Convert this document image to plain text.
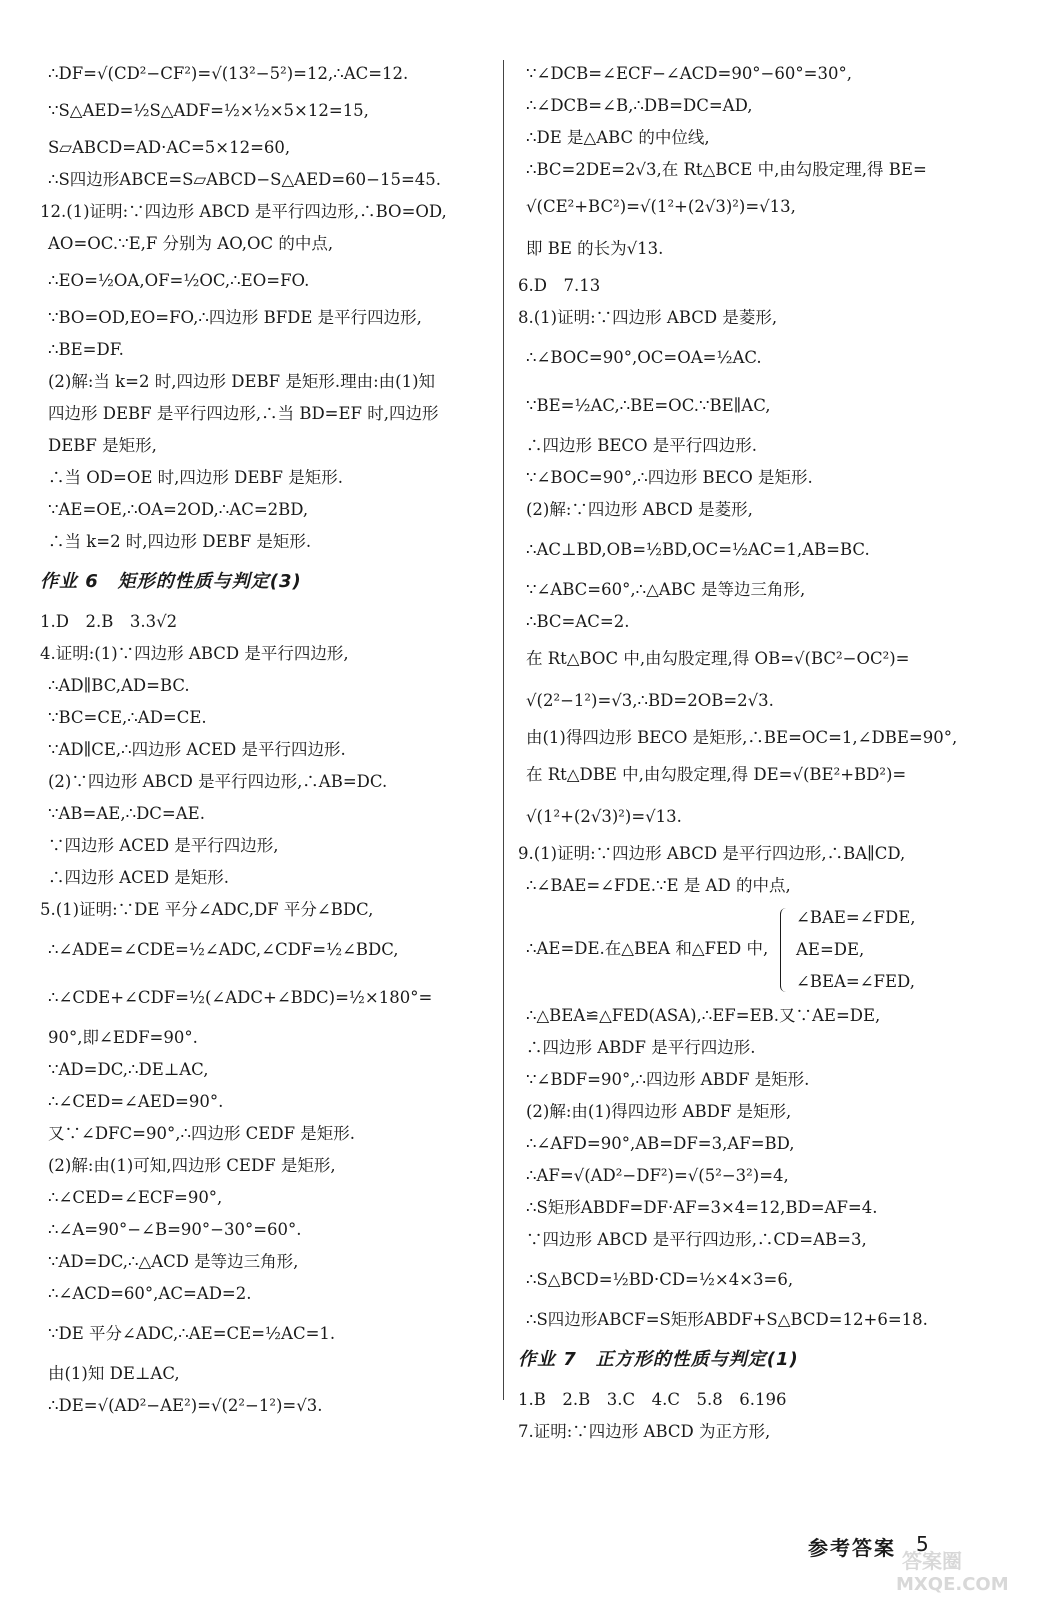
∴DF=√(CD²−CF²)=√(13²−5²)=12,∴AC=12.
∵S△AED=½S△ADF=½×½×5×12=15,
S▱ABCD=AD·AC=5×12=60,
∴S四边形ABCE=S▱ABCD−S△AED=60−15=45.
12.(1)证明:∵四边形 ABCD 是平行四边形,∴BO=OD,
AO=OC.∵E,F 分别为 AO,OC 的中点,
∴EO=½OA,OF=½OC,∴EO=FO.
∵BO=OD,EO=FO,∴四边形 BFDE 是平行四边形,
∴BE=DF.
(2)解:当 k=2 时,四边形 DEBF 是矩形.理由:由(1)知
四边形 DEBF 是平行四边形,∴当 BD=EF 时,四边形
DEBF 是矩形,
∴当 OD=OE 时,四边形 DEBF 是矩形.
∵AE=OE,∴OA=2OD,∴AC=2BD,
∴当 k=2 时,四边形 DEBF 是矩形.
作业 6　矩形的性质与判定(3)
1.D　2.B　3.3√2
4.证明:(1)∵四边形 ABCD 是平行四边形,
∴AD∥BC,AD=BC.
∵BC=CE,∴AD=CE.
∵AD∥CE,∴四边形 ACED 是平行四边形.
(2)∵四边形 ABCD 是平行四边形,∴AB=DC.
∵AB=AE,∴DC=AE.
∵四边形 ACED 是平行四边形,
∴四边形 ACED 是矩形.
5.(1)证明:∵DE 平分∠ADC,DF 平分∠BDC,
∴∠ADE=∠CDE=½∠ADC,∠CDF=½∠BDC,
∴∠CDE+∠CDF=½(∠ADC+∠BDC)=½×180°=
90°,即∠EDF=90°.
∵AD=DC,∴DE⊥AC,
∴∠CED=∠AED=90°.
又∵∠DFC=90°,∴四边形 CEDF 是矩形.
(2)解:由(1)可知,四边形 CEDF 是矩形,
∴∠CED=∠ECF=90°,
∴∠A=90°−∠B=90°−30°=60°.
∵AD=DC,∴△ACD 是等边三角形,
∴∠ACD=60°,AC=AD=2.
∵DE 平分∠ADC,∴AE=CE=½AC=1.
由(1)知 DE⊥AC,
∴DE=√(AD²−AE²)=√(2²−1²)=√3.
∵∠DCB=∠ECF−∠ACD=90°−60°=30°,
∴∠DCB=∠B,∴DB=DC=AD,
∴DE 是△ABC 的中位线,
∴BC=2DE=2√3,在 Rt△BCE 中,由勾股定理,得 BE=
√(CE²+BC²)=√(1²+(2√3)²)=√13,
即 BE 的长为√13.
6.D　7.13
8.(1)证明:∵四边形 ABCD 是菱形,
∴∠BOC=90°,OC=OA=½AC.
∵BE=½AC,∴BE=OC.∵BE∥AC,
∴四边形 BECO 是平行四边形.
∵∠BOC=90°,∴四边形 BECO 是矩形.
(2)解:∵四边形 ABCD 是菱形,
∴AC⊥BD,OB=½BD,OC=½AC=1,AB=BC.
∵∠ABC=60°,∴△ABC 是等边三角形,
∴BC=AC=2.
在 Rt△BOC 中,由勾股定理,得 OB=√(BC²−OC²)=
√(2²−1²)=√3,∴BD=2OB=2√3.
由(1)得四边形 BECO 是矩形,∴BE=OC=1,∠DBE=90°,
在 Rt△DBE 中,由勾股定理,得 DE=√(BE²+BD²)=
√(1²+(2√3)²)=√13.
9.(1)证明:∵四边形 ABCD 是平行四边形,∴BA∥CD,
∴∠BAE=∠FDE.∵E 是 AD 的中点,
∴AE=DE.在△BEA 和△FED 中,
∠BAE=∠FDE,
AE=DE,
∠BEA=∠FED,
∴△BEA≌△FED(ASA),∴EF=EB.又∵AE=DE,
∴四边形 ABDF 是平行四边形.
∵∠BDF=90°,∴四边形 ABDF 是矩形.
(2)解:由(1)得四边形 ABDF 是矩形,
∴∠AFD=90°,AB=DF=3,AF=BD,
∴AF=√(AD²−DF²)=√(5²−3²)=4,
∴S矩形ABDF=DF·AF=3×4=12,BD=AF=4.
∵四边形 ABCD 是平行四边形,∴CD=AB=3,
∴S△BCD=½BD·CD=½×4×3=6,
∴S四边形ABCF=S矩形ABDF+S△BCD=12+6=18.
作业 7　正方形的性质与判定(1)
1.B　2.B　3.C　4.C　5.8　6.196
7.证明:∵四边形 ABCD 为正方形,
参考答案 5
答案圈
MXQE.COM
